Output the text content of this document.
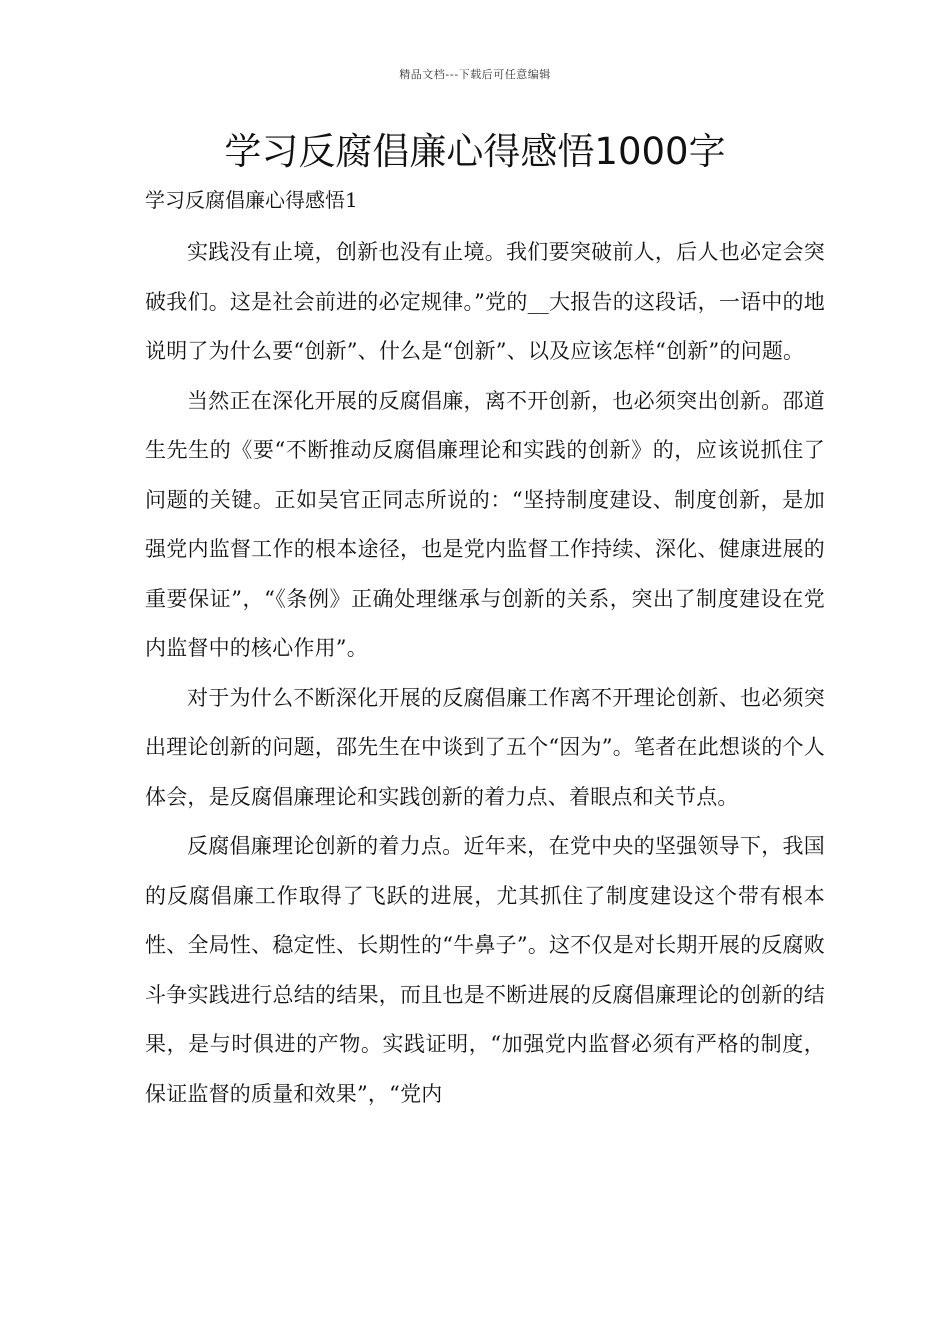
精品文档---下载后可任意编辑
学习反腐倡廉心得感悟1000字
学习反腐倡廉心得感悟1

实践没有止境，创新也没有止境。我们要突破前人，后人也必定会突破我们。这是社会前进的必定规律。”党的__大报告的这段话，一语中的地说明了为什么要“创新”、什么是“创新”、以及应该怎样“创新”的问题。

当然正在深化开展的反腐倡廉，离不开创新，也必须突出创新。邵道生先生的《要“不断推动反腐倡廉理论和实践的创新》的，应该说抓住了问题的关键。正如吴官正同志所说的：“坚持制度建设、制度创新，是加强党内监督工作的根本途径，也是党内监督工作持续、深化、健康进展的重要保证”，“《条例》正确处理继承与创新的关系，突出了制度建设在党内监督中的核心作用”。

对于为什么不断深化开展的反腐倡廉工作离不开理论创新、也必须突出理论创新的问题，邵先生在中谈到了五个“因为”。笔者在此想谈的个人体会，是反腐倡廉理论和实践创新的着力点、着眼点和关节点。

反腐倡廉理论创新的着力点。近年来，在党中央的坚强领导下，我国的反腐倡廉工作取得了飞跃的进展，尤其抓住了制度建设这个带有根本性、全局性、稳定性、长期性的“牛鼻子”。这不仅是对长期开展的反腐败斗争实践进行总结的结果，而且也是不断进展的反腐倡廉理论的创新的结果，是与时俱进的产物。实践证明，“加强党内监督必须有严格的制度，保证监督的质量和效果”，“党内
